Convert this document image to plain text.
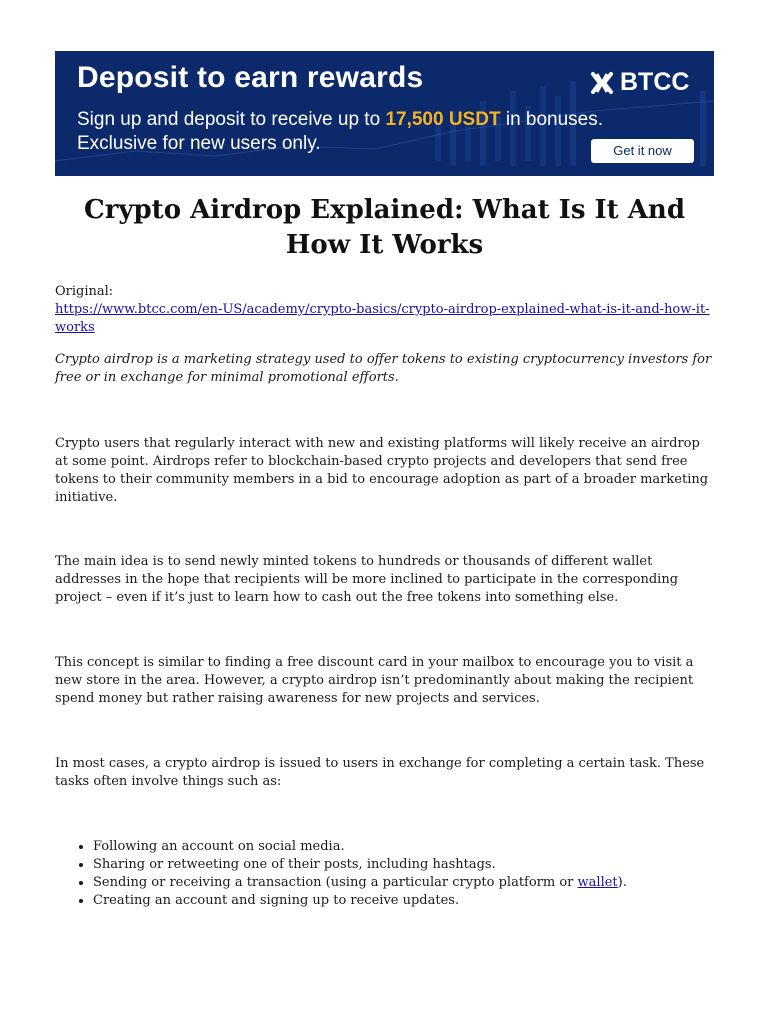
Deposit to earn rewards

Sign up and deposit to receive up to 17,500 USDT in bonuses.
Exclusive for new users only.

BTCC
Get it now
Crypto Airdrop Explained: What Is It And How It Works
Original:
https://www.btcc.com/en-US/academy/crypto-basics/crypto-airdrop-explained-what-is-it-and-how-it-works

Crypto airdrop is a marketing strategy used to offer tokens to existing cryptocurrency investors for free or in exchange for minimal promotional efforts.

Crypto users that regularly interact with new and existing platforms will likely receive an airdrop at some point. Airdrops refer to blockchain-based crypto projects and developers that send free tokens to their community members in a bid to encourage adoption as part of a broader marketing initiative.

The main idea is to send newly minted tokens to hundreds or thousands of different wallet addresses in the hope that recipients will be more inclined to participate in the corresponding project – even if it’s just to learn how to cash out the free tokens into something else.

This concept is similar to finding a free discount card in your mailbox to encourage you to visit a new store in the area. However, a crypto airdrop isn’t predominantly about making the recipient spend money but rather raising awareness for new projects and services.

In most cases, a crypto airdrop is issued to users in exchange for completing a certain task. These tasks often involve things such as:

• Following an account on social media.
• Sharing or retweeting one of their posts, including hashtags.
• Sending or receiving a transaction (using a particular crypto platform or wallet).
• Creating an account and signing up to receive updates.
